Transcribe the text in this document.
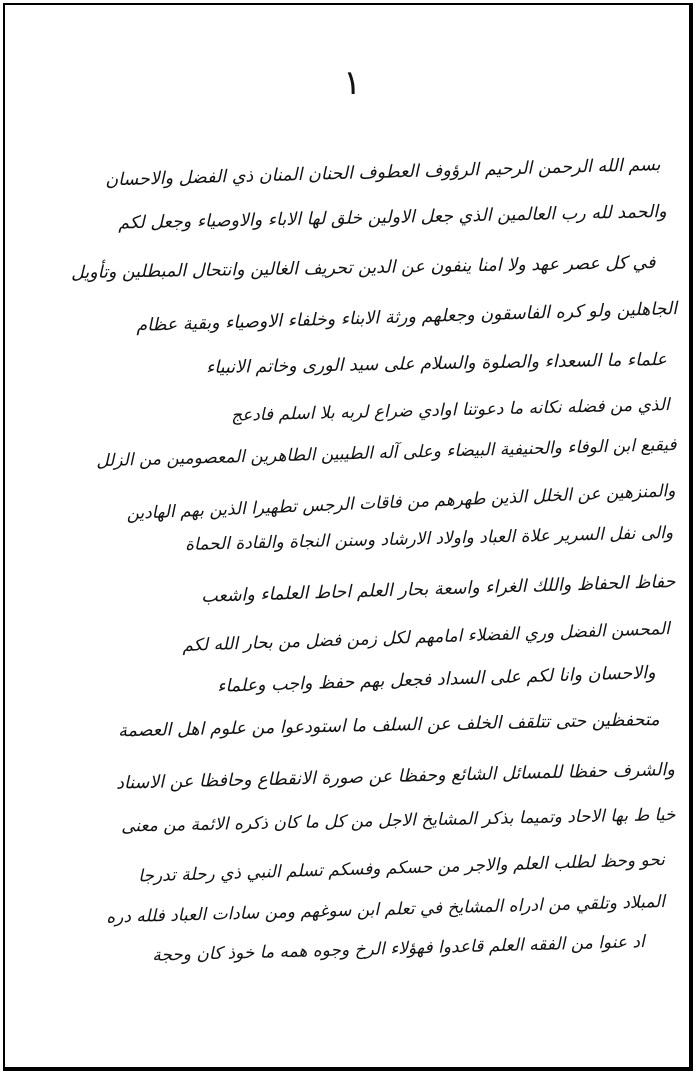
١
بسم الله الرحمن الرحيم الرؤوف العطوف الحنان المنان ذي الفضل والاحسان
والحمد لله رب العالمين الذي جعل الاولين خلق لها الاباء والاوصياء وجعل لكم
في كل عصر عهد ولا امنا ينفون عن الدين تحريف الغالين وانتحال المبطلين وتأويل
الجاهلين ولو كره الفاسقون وجعلهم ورثة الابناء وخلفاء الاوصياء وبقية عظام
علماء ما السعداء والصلوة والسلام على سيد الورى وخاتم الانبياء
الذي من فضله نكانه ما دعوتنا اوادي ضراع لربه بلا اسلم فادعج
فيقبع ابن الوفاء والحنيفية البيضاء وعلى آله الطيبين الطاهرين المعصومين من الزلل
والمنزهين عن الخلل الذين طهرهم من فاقات الرجس تطهيرا الذين بهم الهادين
والى نفل السرير علاة العباد واولاد الارشاد وسنن النجاة والقادة الحماة
حفاظ الحفاظ واللك الغراء واسعة بحار العلم احاط العلماء واشعب
المحسن الفضل وري الفضلاء امامهم لكل زمن فضل من بحار الله لكم
والاحسان وانا لكم على السداد فجعل بهم حفظ واجب وعلماء
متحفظين حتى تتلقف الخلف عن السلف ما استودعوا من علوم اهل العصمة
والشرف حفظا للمسائل الشائع وحفظا عن صورة الانقطاع وحافظا عن الاسناد
خيا ط بها الاحاد وتميما بذكر المشايخ الاجل من كل ما كان ذكره الائمة من معنى
نحو وحظ لطلب العلم والاجر من حسكم وفسكم تسلم النبي ذي رحلة تدرجا
المبلاد وتلقي من ادراه المشايخ في تعلم ابن سوغهم ومن سادات العباد فلله دره
اد عنوا من الفقه العلم قاعدوا فهؤلاء الرخ وجوه همه ما خوذ كان وحجة
